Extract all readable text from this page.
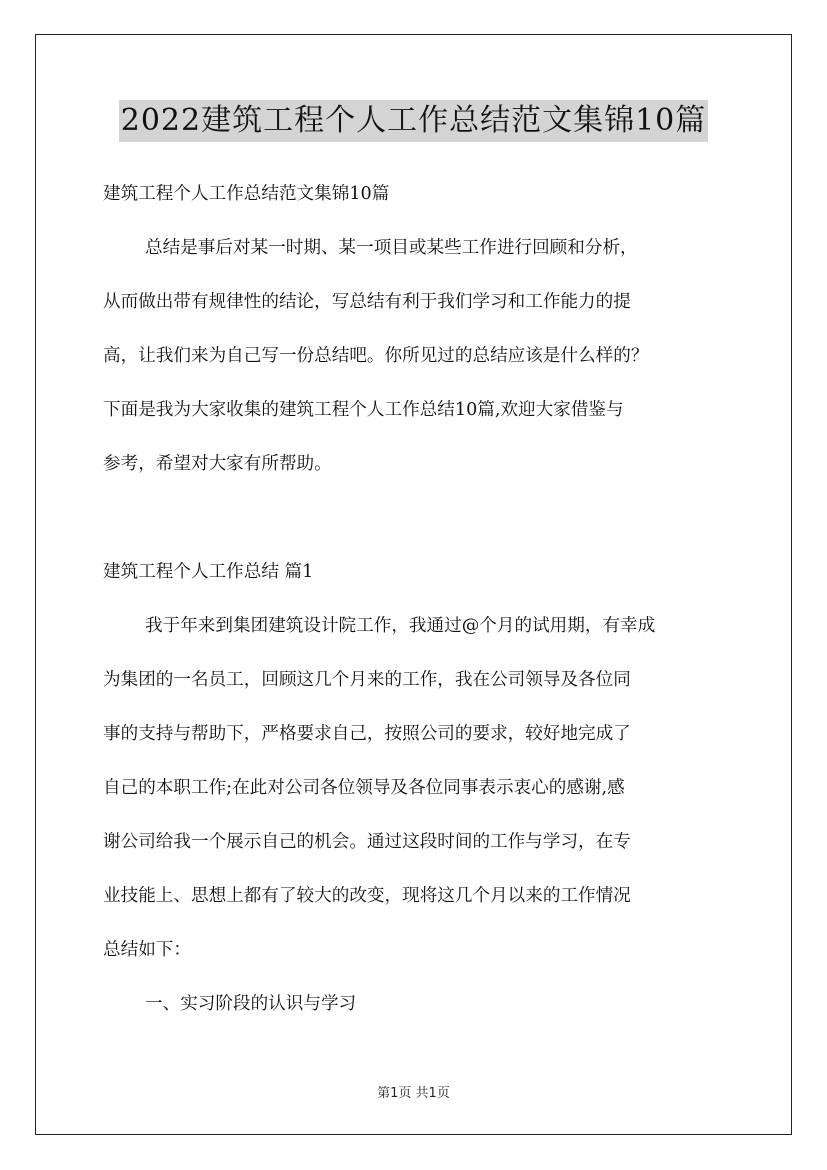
2022建筑工程个人工作总结范文集锦10篇
建筑工程个人工作总结范文集锦10篇
总结是事后对某一时期、某一项目或某些工作进行回顾和分析，
从而做出带有规律性的结论，写总结有利于我们学习和工作能力的提
高，让我们来为自己写一份总结吧。你所见过的总结应该是什么样的？
下面是我为大家收集的建筑工程个人工作总结10篇,欢迎大家借鉴与
参考，希望对大家有所帮助。
建筑工程个人工作总结 篇1
我于年来到集团建筑设计院工作，我通过@个月的试用期，有幸成
为集团的一名员工，回顾这几个月来的工作，我在公司领导及各位同
事的支持与帮助下，严格要求自己，按照公司的要求，较好地完成了
自己的本职工作;在此对公司各位领导及各位同事表示衷心的感谢,感
谢公司给我一个展示自己的机会。通过这段时间的工作与学习，在专
业技能上、思想上都有了较大的改变，现将这几个月以来的工作情况
总结如下：
一、实习阶段的认识与学习
第1页 共1页
